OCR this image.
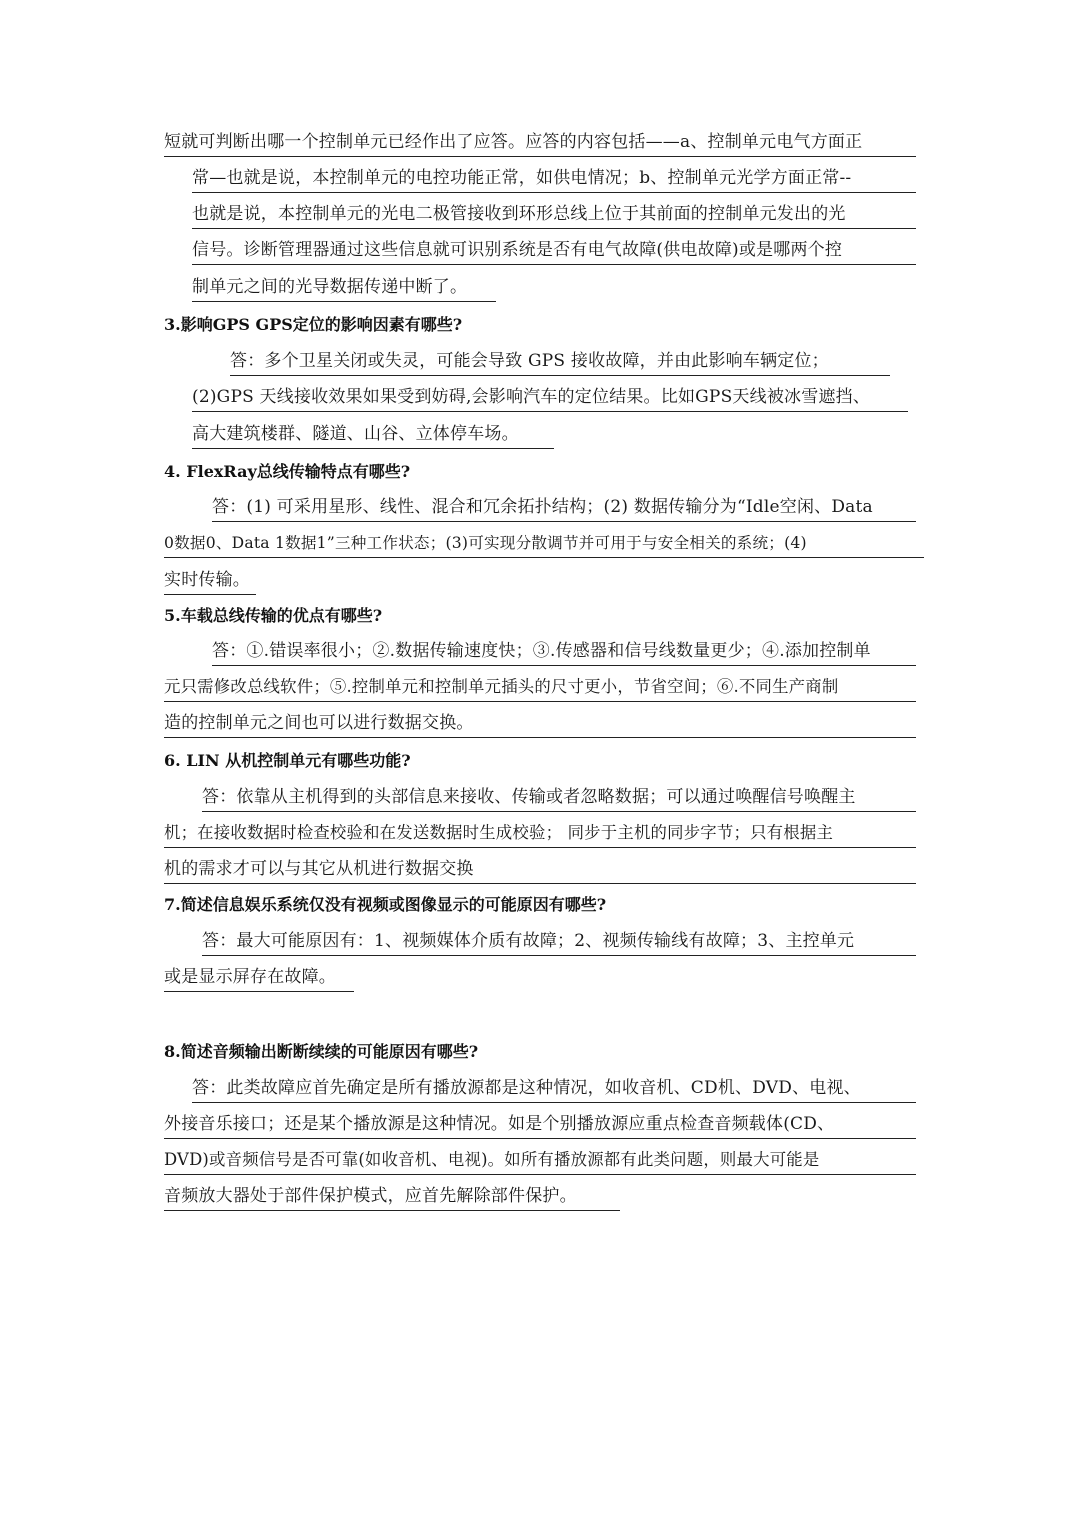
短就可判断出哪一个控制单元已经作出了应答。应答的内容包括——a、控制单元电气方面正
常—也就是说，本控制单元的电控功能正常，如供电情况；b、控制单元光学方面正常--
也就是说，本控制单元的光电二极管接收到环形总线上位于其前面的控制单元发出的光
信号。诊断管理器通过这些信息就可识别系统是否有电气故障(供电故障)或是哪两个控
制单元之间的光导数据传递中断了。
3.影响GPS GPS定位的影响因素有哪些?
答：多个卫星关闭或失灵，可能会导致 GPS 接收故障，并由此影响车辆定位；
(2)GPS 天线接收效果如果受到妨碍,会影响汽车的定位结果。比如GPS天线被冰雪遮挡、
高大建筑楼群、隧道、山谷、立体停车场。
4. FlexRay总线传输特点有哪些?
答：(1) 可采用星形、线性、混合和冗余拓扑结构；(2) 数据传输分为“Idle空闲、Data
0数据0、Data 1数据1”三种工作状态；(3)可实现分散调节并可用于与安全相关的系统；(4)
实时传输。
5.车载总线传输的优点有哪些?
答：①.错误率很小；②.数据传输速度快；③.传感器和信号线数量更少；④.添加控制单
元只需修改总线软件；⑤.控制单元和控制单元插头的尺寸更小，节省空间；⑥.不同生产商制
造的控制单元之间也可以进行数据交换。
6. LIN 从机控制单元有哪些功能?
答：依靠从主机得到的头部信息来接收、传输或者忽略数据；可以通过唤醒信号唤醒主
机；在接收数据时检查校验和在发送数据时生成校验； 同步于主机的同步字节；只有根据主
机的需求才可以与其它从机进行数据交换
7.简述信息娱乐系统仅没有视频或图像显示的可能原因有哪些?
答：最大可能原因有：1、视频媒体介质有故障；2、视频传输线有故障；3、主控单元
或是显示屏存在故障。
8.简述音频输出断断续续的可能原因有哪些?
答：此类故障应首先确定是所有播放源都是这种情况，如收音机、CD机、DVD、电视、
外接音乐接口；还是某个播放源是这种情况。如是个别播放源应重点检查音频载体(CD、
DVD)或音频信号是否可靠(如收音机、电视)。如所有播放源都有此类问题，则最大可能是
音频放大器处于部件保护模式，应首先解除部件保护。
